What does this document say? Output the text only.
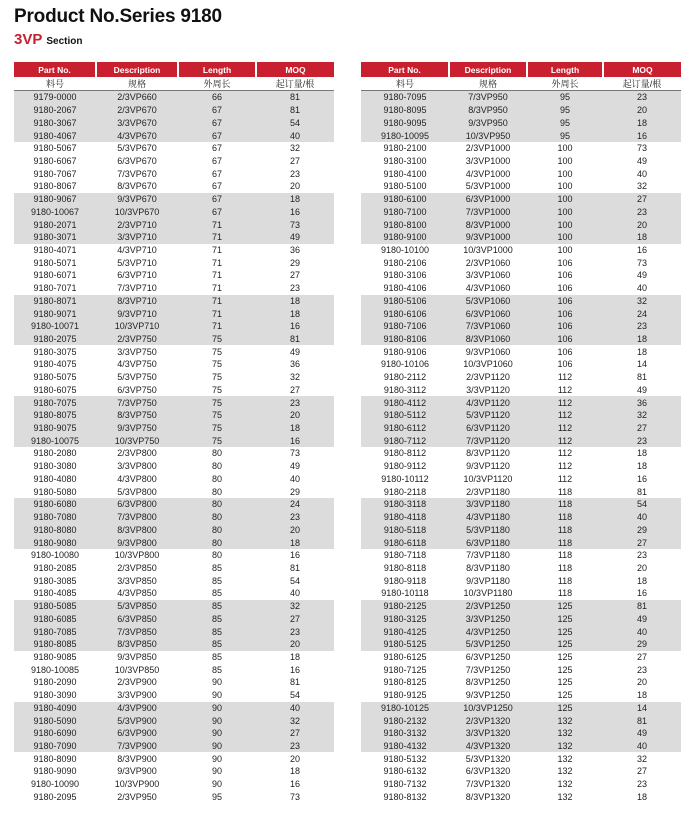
Product No.Series 9180
3VP Section
Part No.	Description	Length	MOQ
料号	规格	外周长	起订量/根
9179-0000	2/3VP660	66	81
9180-2067	2/3VP670	67	81
9180-3067	3/3VP670	67	54
9180-4067	4/3VP670	67	40
9180-5067	5/3VP670	67	32
9180-6067	6/3VP670	67	27
9180-7067	7/3VP670	67	23
9180-8067	8/3VP670	67	20
9180-9067	9/3VP670	67	18
9180-10067	10/3VP670	67	16
9180-2071	2/3VP710	71	73
9180-3071	3/3VP710	71	49
9180-4071	4/3VP710	71	36
9180-5071	5/3VP710	71	29
9180-6071	6/3VP710	71	27
9180-7071	7/3VP710	71	23
9180-8071	8/3VP710	71	18
9180-9071	9/3VP710	71	18
9180-10071	10/3VP710	71	16
9180-2075	2/3VP750	75	81
9180-3075	3/3VP750	75	49
9180-4075	4/3VP750	75	36
9180-5075	5/3VP750	75	32
9180-6075	6/3VP750	75	27
9180-7075	7/3VP750	75	23
9180-8075	8/3VP750	75	20
9180-9075	9/3VP750	75	18
9180-10075	10/3VP750	75	16
9180-2080	2/3VP800	80	73
9180-3080	3/3VP800	80	49
9180-4080	4/3VP800	80	40
9180-5080	5/3VP800	80	29
9180-6080	6/3VP800	80	24
9180-7080	7/3VP800	80	23
9180-8080	8/3VP800	80	20
9180-9080	9/3VP800	80	18
9180-10080	10/3VP800	80	16
9180-2085	2/3VP850	85	81
9180-3085	3/3VP850	85	54
9180-4085	4/3VP850	85	40
9180-5085	5/3VP850	85	32
9180-6085	6/3VP850	85	27
9180-7085	7/3VP850	85	23
9180-8085	8/3VP850	85	20
9180-9085	9/3VP850	85	18
9180-10085	10/3VP850	85	16
9180-2090	2/3VP900	90	81
9180-3090	3/3VP900	90	54
9180-4090	4/3VP900	90	40
9180-5090	5/3VP900	90	32
9180-6090	6/3VP900	90	27
9180-7090	7/3VP900	90	23
9180-8090	8/3VP900	90	20
9180-9090	9/3VP900	90	18
9180-10090	10/3VP900	90	16
9180-2095	2/3VP950	95	73
Part No.	Description	Length	MOQ
料号	规格	外周长	起订量/根
9180-7095	7/3VP950	95	23
9180-8095	8/3VP950	95	20
9180-9095	9/3VP950	95	18
9180-10095	10/3VP950	95	16
9180-2100	2/3VP1000	100	73
9180-3100	3/3VP1000	100	49
9180-4100	4/3VP1000	100	40
9180-5100	5/3VP1000	100	32
9180-6100	6/3VP1000	100	27
9180-7100	7/3VP1000	100	23
9180-8100	8/3VP1000	100	20
9180-9100	9/3VP1000	100	18
9180-10100	10/3VP1000	100	16
9180-2106	2/3VP1060	106	73
9180-3106	3/3VP1060	106	49
9180-4106	4/3VP1060	106	40
9180-5106	5/3VP1060	106	32
9180-6106	6/3VP1060	106	24
9180-7106	7/3VP1060	106	23
9180-8106	8/3VP1060	106	18
9180-9106	9/3VP1060	106	18
9180-10106	10/3VP1060	106	14
9180-2112	2/3VP1120	112	81
9180-3112	3/3VP1120	112	49
9180-4112	4/3VP1120	112	36
9180-5112	5/3VP1120	112	32
9180-6112	6/3VP1120	112	27
9180-7112	7/3VP1120	112	23
9180-8112	8/3VP1120	112	18
9180-9112	9/3VP1120	112	18
9180-10112	10/3VP1120	112	16
9180-2118	2/3VP1180	118	81
9180-3118	3/3VP1180	118	54
9180-4118	4/3VP1180	118	40
9180-5118	5/3VP1180	118	29
9180-6118	6/3VP1180	118	27
9180-7118	7/3VP1180	118	23
9180-8118	8/3VP1180	118	20
9180-9118	9/3VP1180	118	18
9180-10118	10/3VP1180	118	16
9180-2125	2/3VP1250	125	81
9180-3125	3/3VP1250	125	49
9180-4125	4/3VP1250	125	40
9180-5125	5/3VP1250	125	29
9180-6125	6/3VP1250	125	27
9180-7125	7/3VP1250	125	23
9180-8125	8/3VP1250	125	20
9180-9125	9/3VP1250	125	18
9180-10125	10/3VP1250	125	14
9180-2132	2/3VP1320	132	81
9180-3132	3/3VP1320	132	49
9180-4132	4/3VP1320	132	40
9180-5132	5/3VP1320	132	32
9180-6132	6/3VP1320	132	27
9180-7132	7/3VP1320	132	23
9180-8132	8/3VP1320	132	18
